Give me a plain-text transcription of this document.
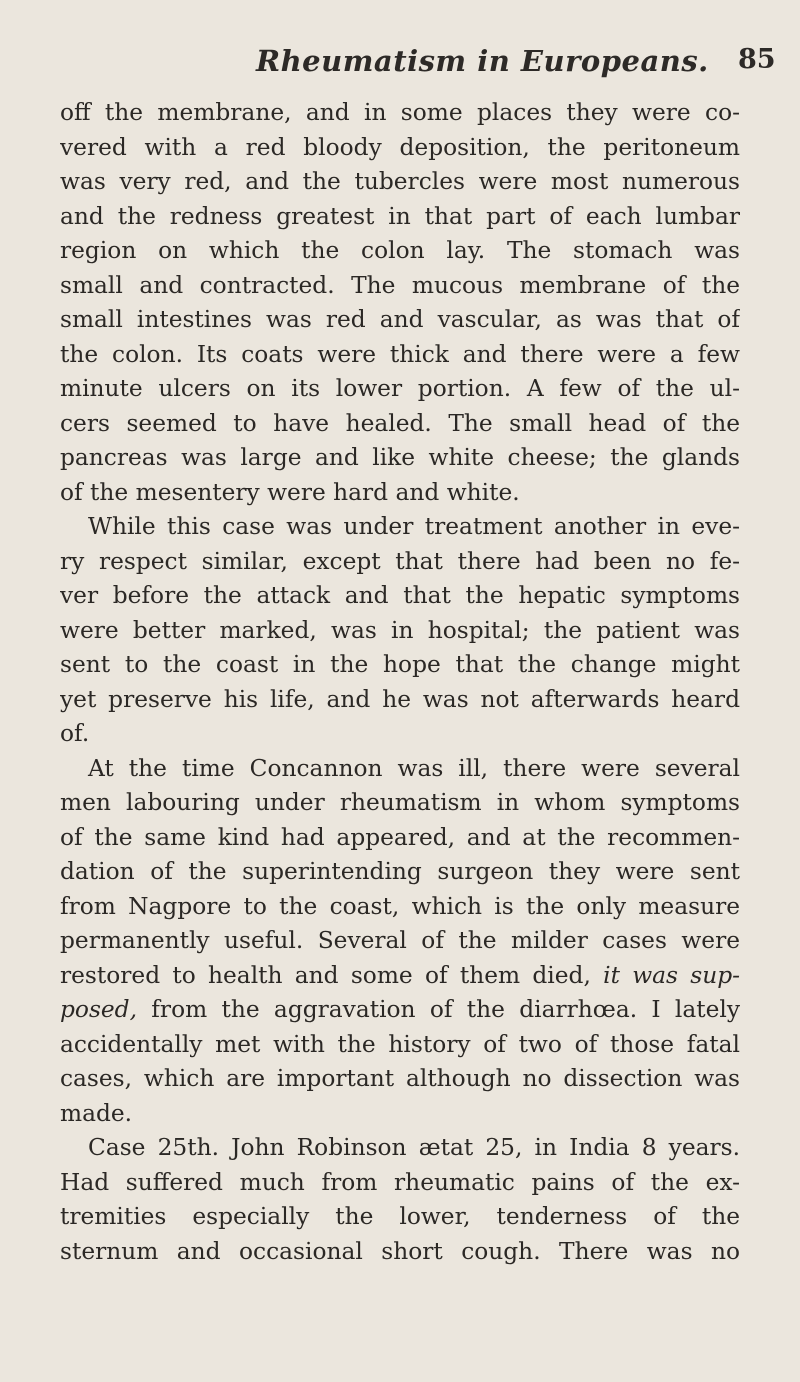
Rheumatism in Europeans. 85
off the membrane, and in some places they were co-
vered with a red bloody deposition, the peritoneum
was very red, and the tubercles were most numerous
and the redness greatest in that part of each lumbar
region on which the colon lay. The stomach was
small and contracted. The mucous membrane of the
small intestines was red and vascular, as was that of
the colon. Its coats were thick and there were a few
minute ulcers on its lower portion. A few of the ul-
cers seemed to have healed. The small head of the
pancreas was large and like white cheese; the glands
of the mesentery were hard and white.
While this case was under treatment another in eve-
ry respect similar, except that there had been no fe-
ver before the attack and that the hepatic symptoms
were better marked, was in hospital; the patient was
sent to the coast in the hope that the change might
yet preserve his life, and he was not afterwards heard
of.
At the time Concannon was ill, there were several
men labouring under rheumatism in whom symptoms
of the same kind had appeared, and at the recommen-
dation of the superintending surgeon they were sent
from Nagpore to the coast, which is the only measure
permanently useful. Several of the milder cases were
restored to health and some of them died, it was sup-
posed, from the aggravation of the diarrhœa. I lately
accidentally met with the history of two of those fatal
cases, which are important although no dissection was
made.
Case 25th. John Robinson ætat 25, in India 8 years.
Had suffered much from rheumatic pains of the ex-
tremities especially the lower, tenderness of the
sternum and occasional short cough. There was no
